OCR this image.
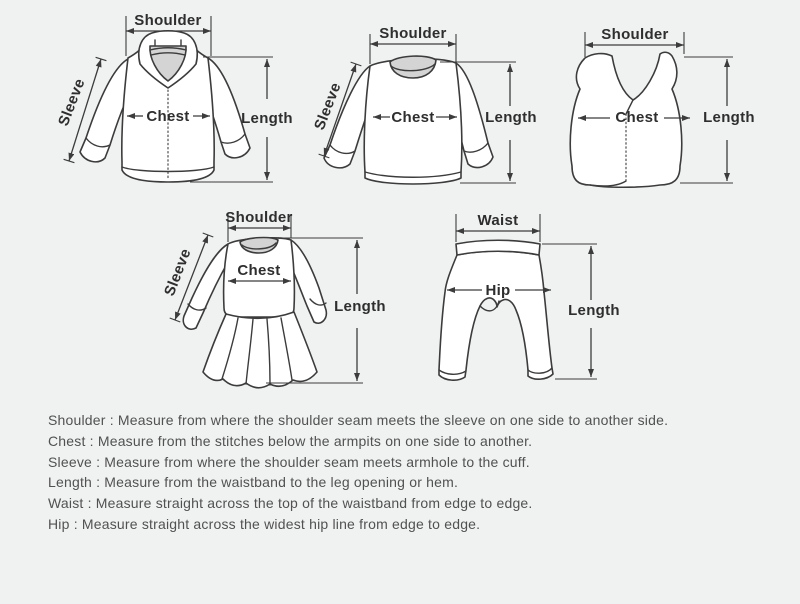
Shoulder
Sleeve	Chest	Length
Shoulder
Sleeve	Chest	Length
Shoulder
Chest	Length
Shoulder
Sleeve	Chest
Length
Waist
Hip
Length

Shoulder : Measure from where the shoulder seam meets the sleeve on one side to another side.

Chest : Measure from the stitches below the armpits on one side to another.

Sleeve : Measure from where the shoulder seam meets armhole to the cuff.

Length : Measure from the waistband to the leg opening or hem.

Waist : Measure straight across the top of the waistband from edge to edge.

Hip : Measure straight across the widest hip line from edge to edge.
